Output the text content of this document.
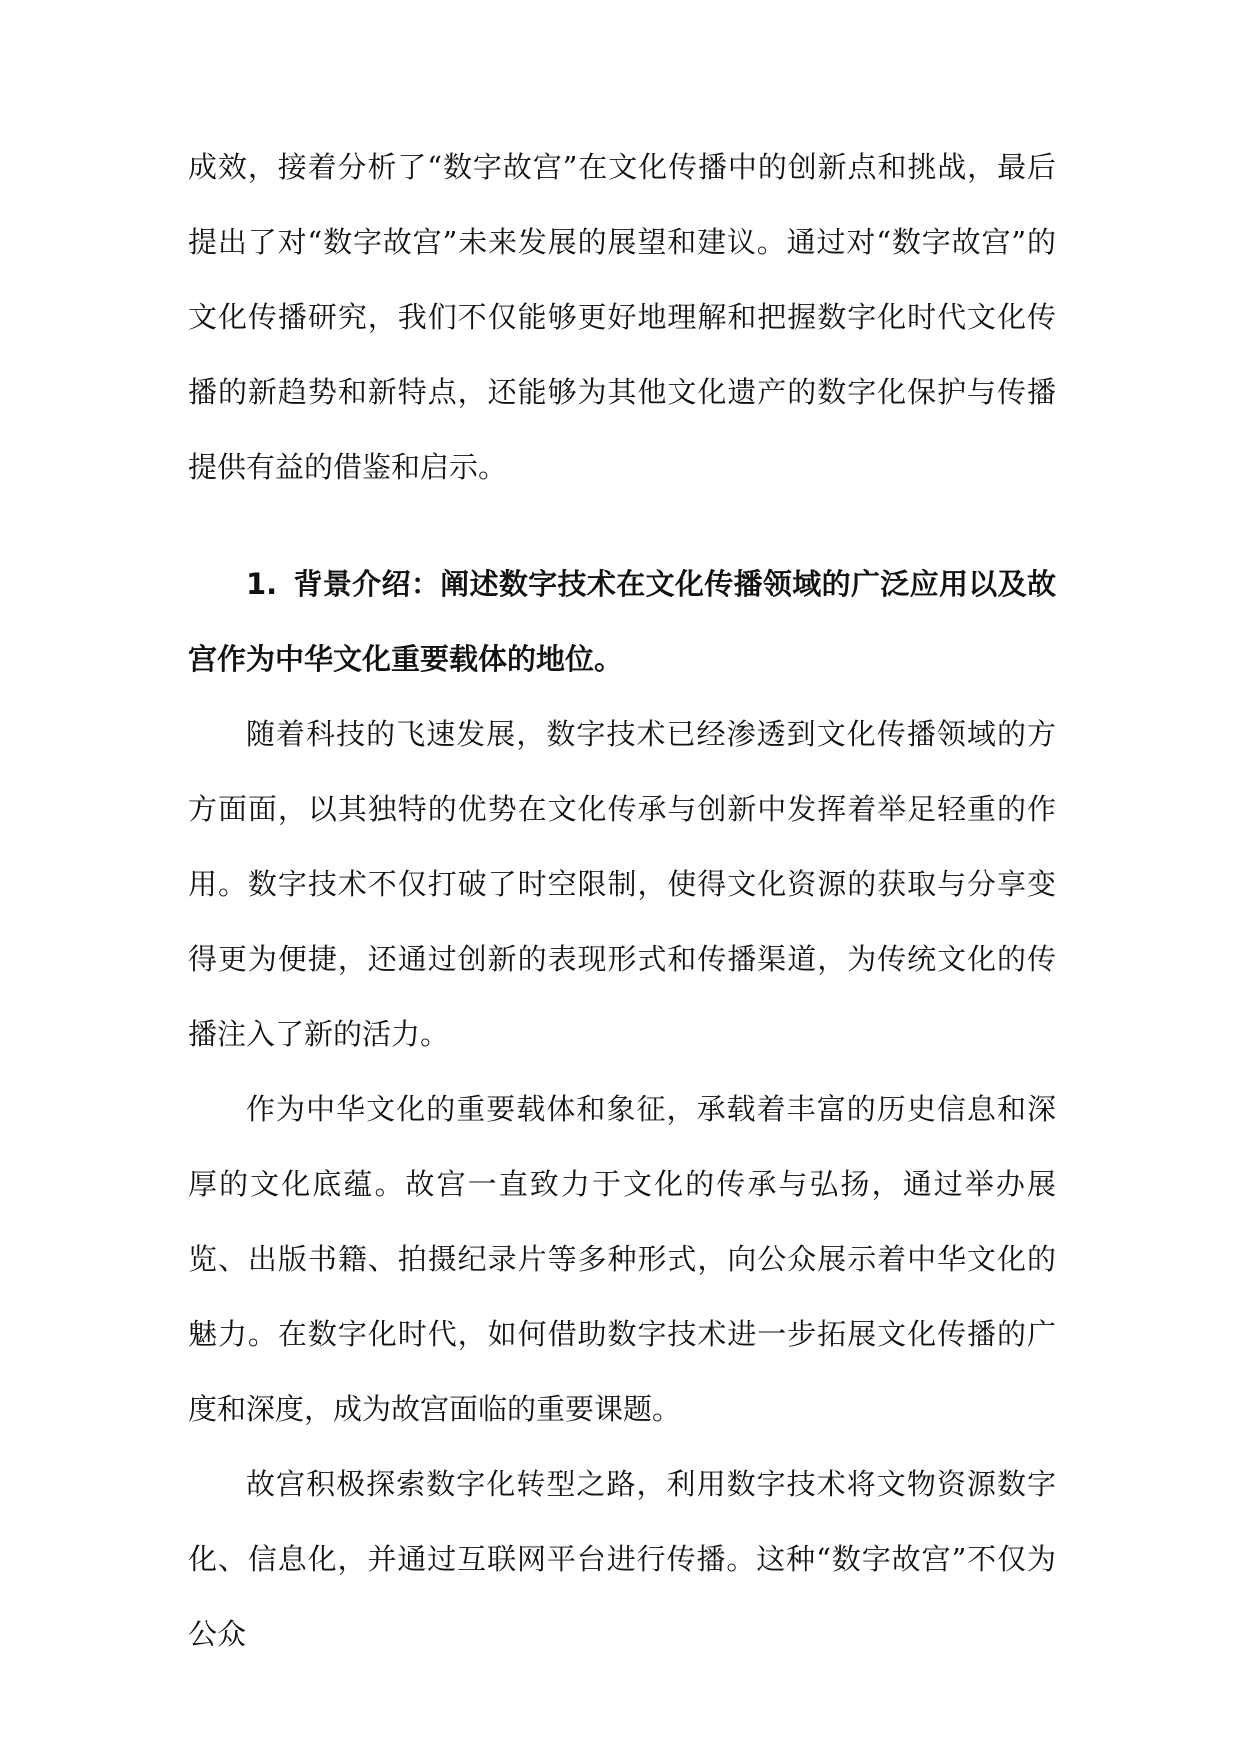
成效，接着分析了“数字故宫”在文化传播中的创新点和挑战，最后提出了对“数字故宫”未来发展的展望和建议。通过对“数字故宫”的文化传播研究，我们不仅能够更好地理解和把握数字化时代文化传播的新趋势和新特点，还能够为其他文化遗产的数字化保护与传播提供有益的借鉴和启示。

1. 背景介绍：阐述数字技术在文化传播领域的广泛应用以及故宫作为中华文化重要载体的地位。

随着科技的飞速发展，数字技术已经渗透到文化传播领域的方方面面，以其独特的优势在文化传承与创新中发挥着举足轻重的作用。数字技术不仅打破了时空限制，使得文化资源的获取与分享变得更为便捷，还通过创新的表现形式和传播渠道，为传统文化的传播注入了新的活力。

作为中华文化的重要载体和象征，承载着丰富的历史信息和深厚的文化底蕴。故宫一直致力于文化的传承与弘扬，通过举办展览、出版书籍、拍摄纪录片等多种形式，向公众展示着中华文化的魅力。在数字化时代，如何借助数字技术进一步拓展文化传播的广度和深度，成为故宫面临的重要课题。

故宫积极探索数字化转型之路，利用数字技术将文物资源数字化、信息化，并通过互联网平台进行传播。这种“数字故宫”不仅为公众
